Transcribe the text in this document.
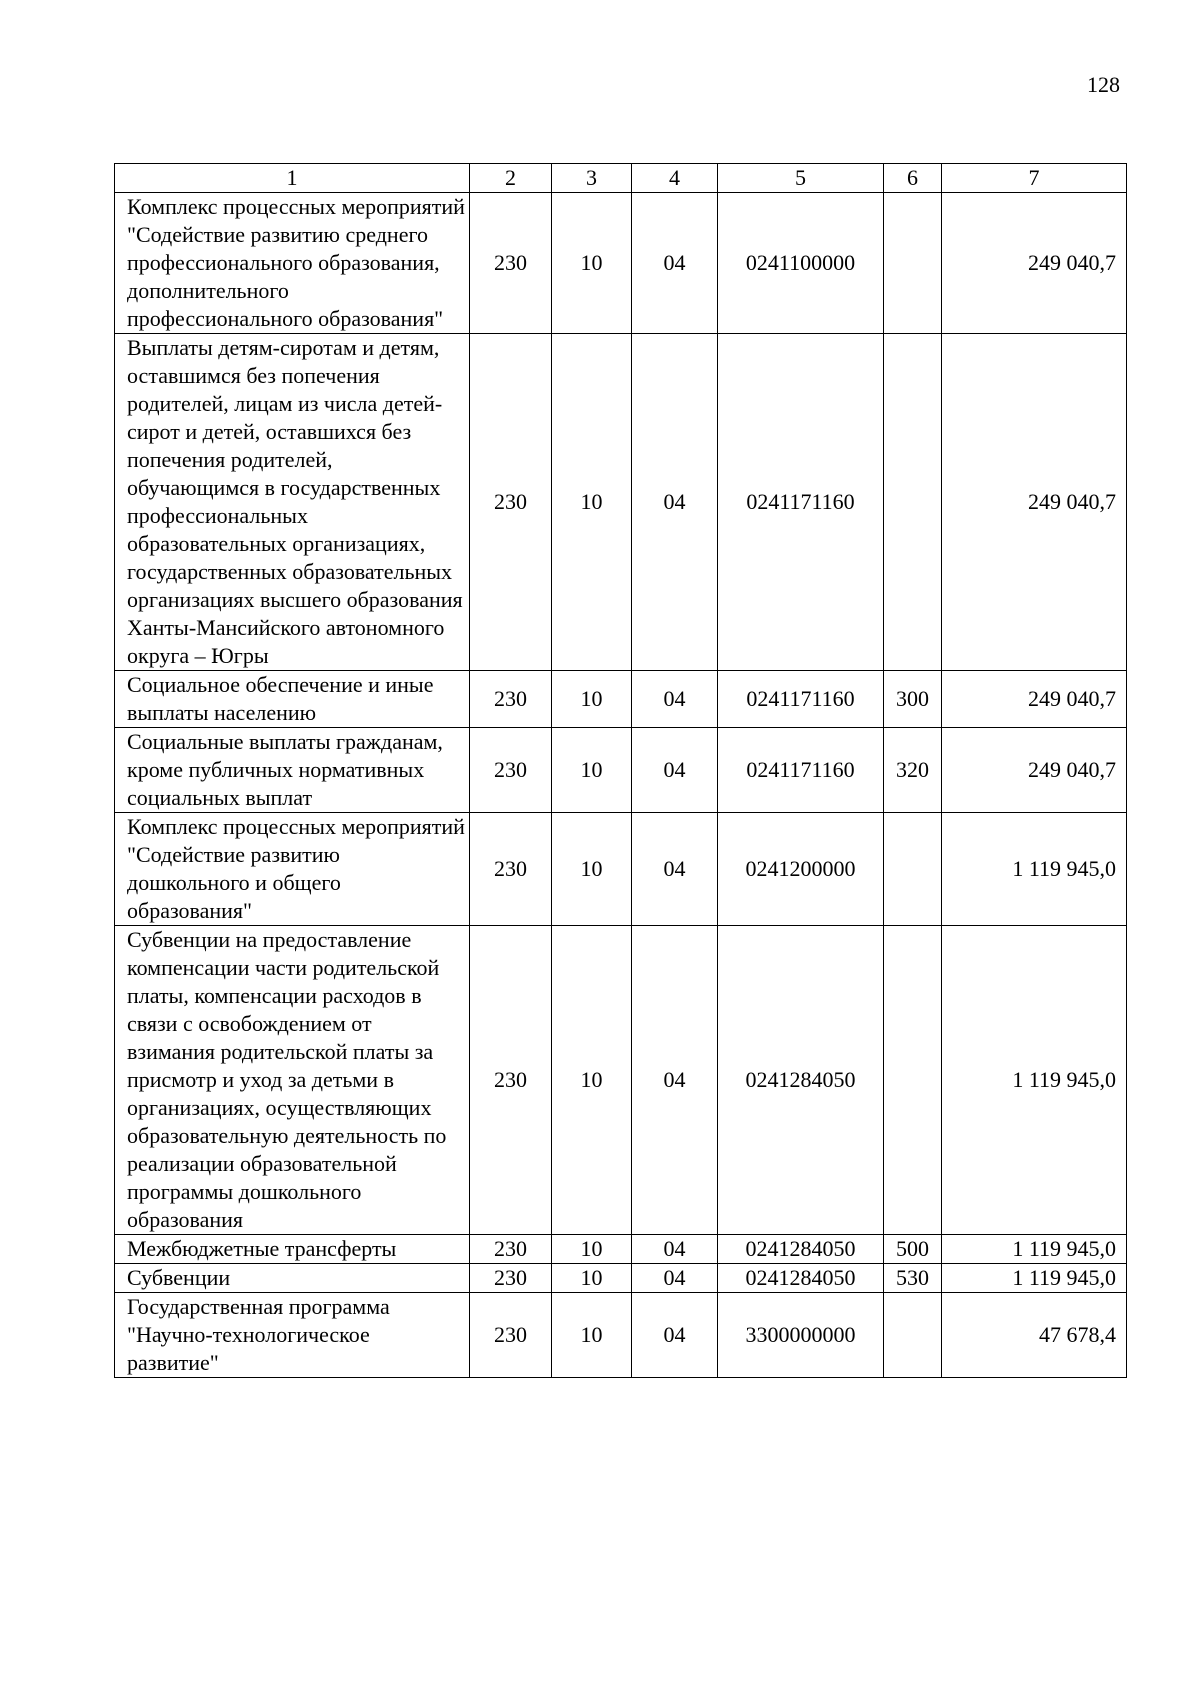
128
1	2	3	4	5	6	7
Комплекс процессных мероприятий "Содействие развитию среднего профессионального образования, дополнительного профессионального образования"	230	10	04	0241100000		249 040,7
Выплаты детям-сиротам и детям, оставшимся без попечения родителей, лицам из числа детей-сирот и детей, оставшихся без попечения родителей, обучающимся в государственных профессиональных образовательных организациях, государственных образовательных организациях высшего образования Ханты-Мансийского автономного округа – Югры	230	10	04	0241171160		249 040,7
Социальное обеспечение и иные выплаты населению	230	10	04	0241171160	300	249 040,7
Социальные выплаты гражданам, кроме публичных нормативных социальных выплат	230	10	04	0241171160	320	249 040,7
Комплекс процессных мероприятий "Содействие развитию дошкольного и общего образования"	230	10	04	0241200000		1 119 945,0
Субвенции на предоставление компенсации части родительской платы, компенсации расходов в связи с освобождением от взимания родительской платы за присмотр и уход за детьми в организациях, осуществляющих образовательную деятельность по реализации образовательной программы дошкольного образования	230	10	04	0241284050		1 119 945,0
Межбюджетные трансферты	230	10	04	0241284050	500	1 119 945,0
Субвенции	230	10	04	0241284050	530	1 119 945,0
Государственная программа "Научно-технологическое развитие"	230	10	04	3300000000		47 678,4
